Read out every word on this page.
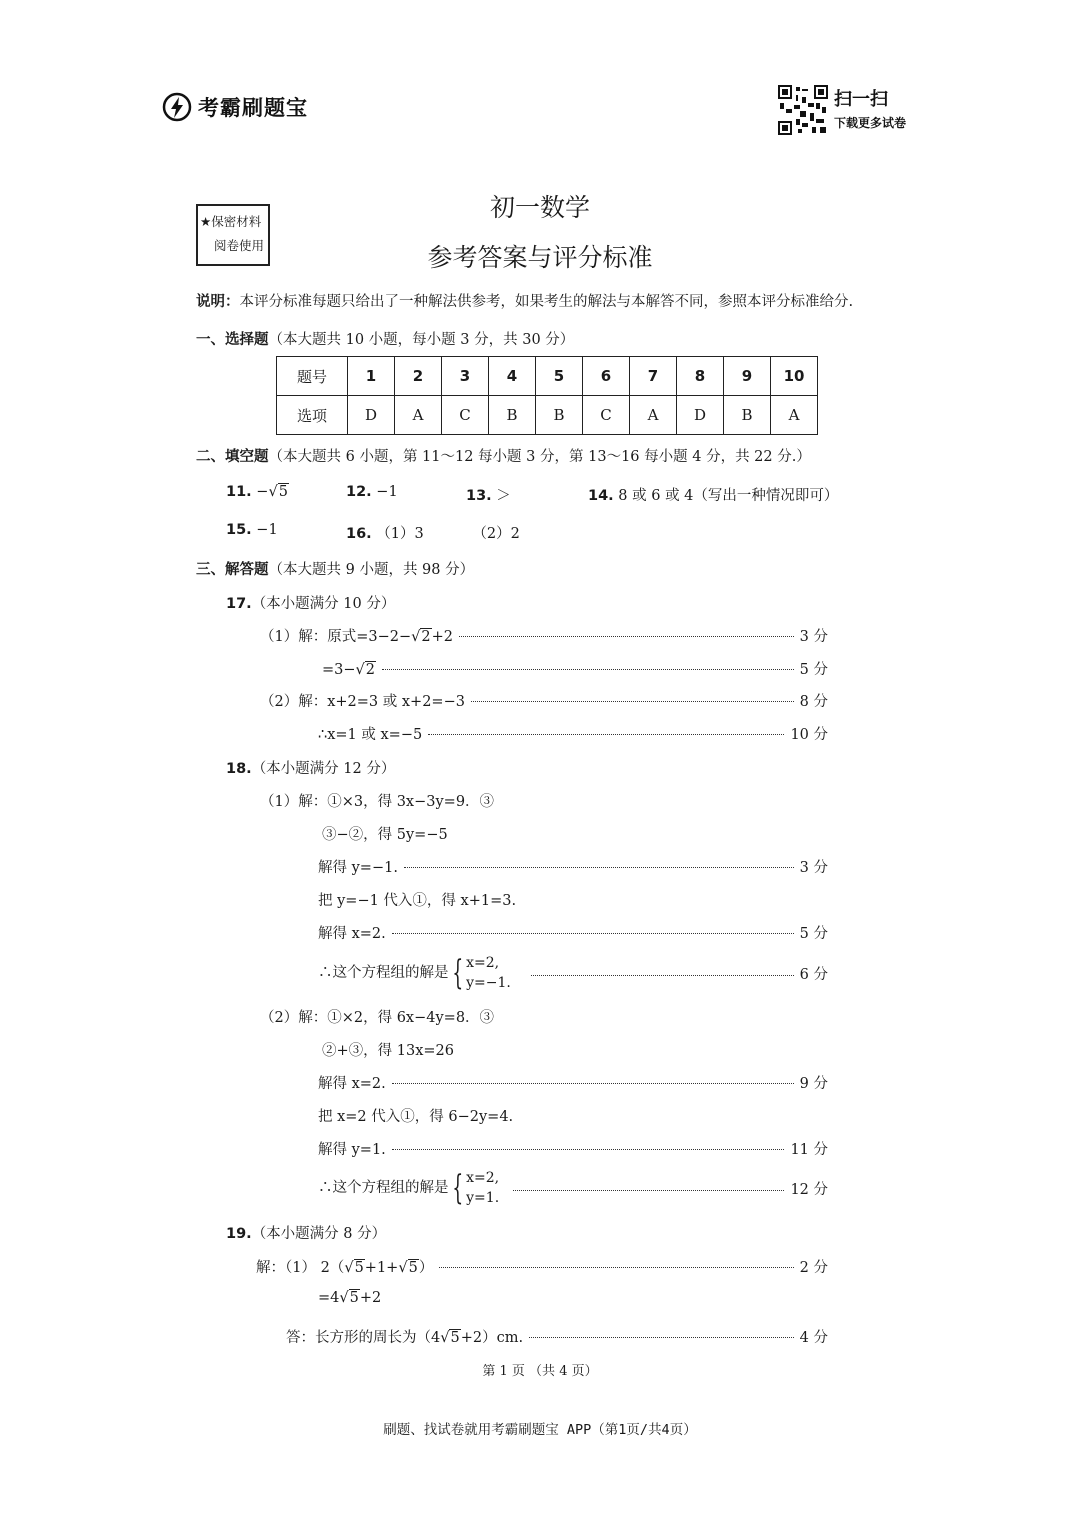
考霸刷题宝	扫一扫
下载更多试卷
★保密材料
阅卷使用
初一数学
参考答案与评分标准
说明：本评分标准每题只给出了一种解法供参考，如果考生的解法与本解答不同，参照本评分标准给分.
一、选择题（本大题共 10 小题，每小题 3 分，共 30 分）
题号	1	2	3	4	5	6	7	8	9	10
选项	D	A	C	B	B	C	A	D	B	A
二、填空题（本大题共 6 小题，第 11～12 每小题 3 分，第 13～16 每小题 4 分，共 22 分.）
11. −√5	12. −1	13. ＞	14. 8 或 6 或 4（写出一种情况即可）
15. −1	16. （1）3	（2）2
三、解答题（本大题共 9 小题，共 98 分）
17.（本小题满分 10 分）
（1）解：原式=3−2−√2+2	3 分
=3−√2	5 分
（2）解：x+2=3 或 x+2=−3	8 分
∴x=1 或 x=−5	10 分
18.（本小题满分 12 分）
（1）解：①×3，得 3x−3y=9．③
③−②，得 5y=−5
解得 y=−1.	3 分
把 y=−1 代入①，得 x+1=3.
解得 x=2.	5 分
∴这个方程组的解是 { x=2,
y=−1.
6 分
（2）解：①×2，得 6x−4y=8．③
②+③，得 13x=26
解得 x=2.	9 分
把 x=2 代入①，得 6−2y=4.
解得 y=1.	11 分
∴这个方程组的解是 { x=2,
y=1.
12 分
19.（本小题满分 8 分）
解：（1） 2（√5+1+√5）	2 分
=4√5+2
答：长方形的周长为（4√5+2）cm.	4 分
第 1 页 （共 4 页）
刷题、找试卷就用考霸刷题宝 APP（第1页/共4页）
